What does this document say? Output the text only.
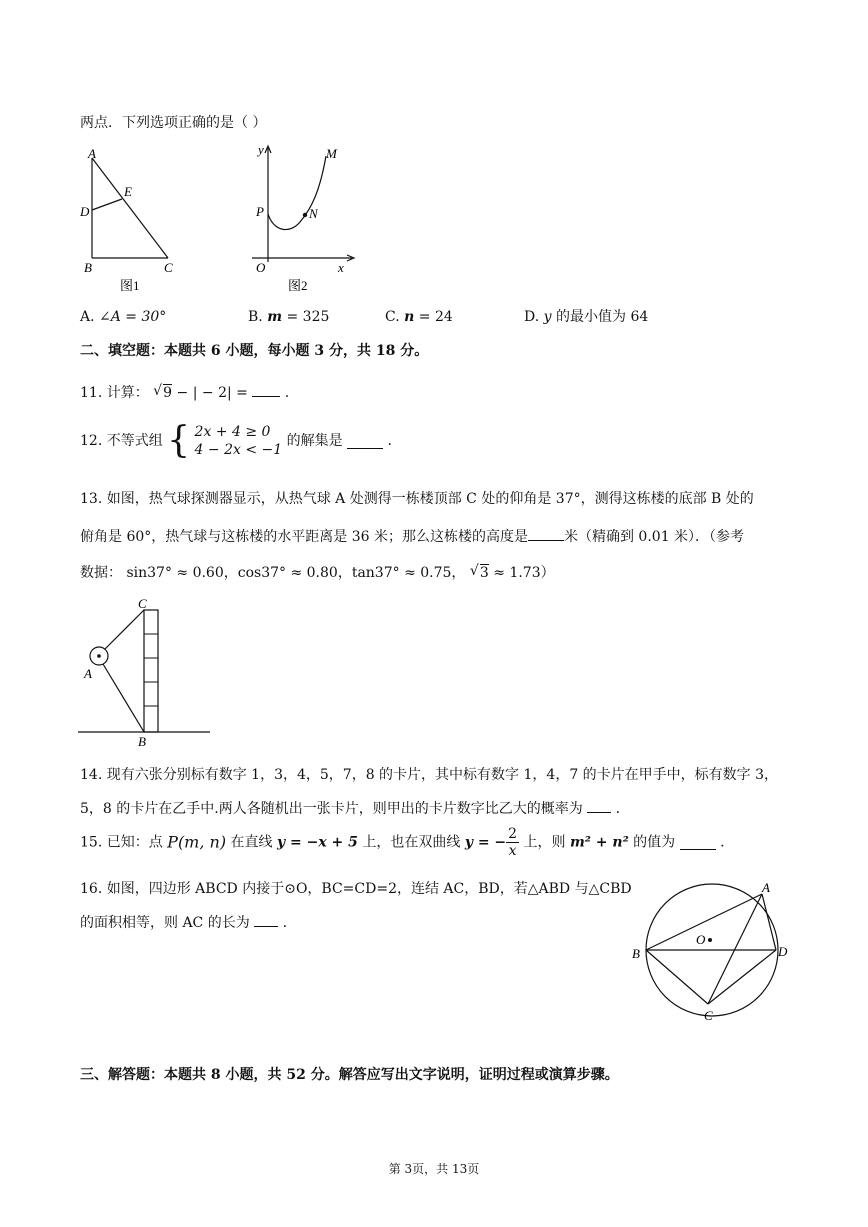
两点．下列选项正确的是（ ）
A
E
D
B	C
图1
y	M
P	N
O	x
图2
A. ∠A = 30°	B. m = 325	C. n = 24	D. y 的最小值为 64
二、填空题：本题共 6 小题，每小题 3 分，共 18 分。
11. 计算： √ 9 − | − 2| =	.
12. 不等式组 { 2x + 4 ≥ 0
4 − 2x < −1
的解集是	.
13. 如图，热气球探测器显示，从热气球 A 处测得一栋楼顶部 C 处的仰角是 37°，测得这栋楼的底部 B 处的
俯角是 60°，热气球与这栋楼的水平距离是 36 米；那么这栋楼的高度是	米（精确到 0.01 米）．（参考
数据： sin37° ≈ 0.60，cos37° ≈ 0.80，tan37° ≈ 0.75， √ 3 ≈ 1.73）
C
A
B
14. 现有六张分别标有数字 1，3，4，5，7，8 的卡片，其中标有数字 1，4，7 的卡片在甲手中，标有数字 3，
5，8 的卡片在乙手中.两人各随机出一张卡片，则甲出的卡片数字比乙大的概率为 .
15. 已知：点 P(m, n) 在直线 y = −x + 5 上，也在双曲线 y = − $\frac{2}{x}$ 上，则 m² + n² 的值为	.
16. 如图，四边形 ABCD 内接于⊙O，BC=CD=2，连结 AC，BD，若△ABD 与△CBD
的面积相等，则 AC 的长为 .
A
O
B	D
C
三、解答题：本题共 8 小题，共 52 分。解答应写出文字说明，证明过程或演算步骤。
第 3页，共 13页
